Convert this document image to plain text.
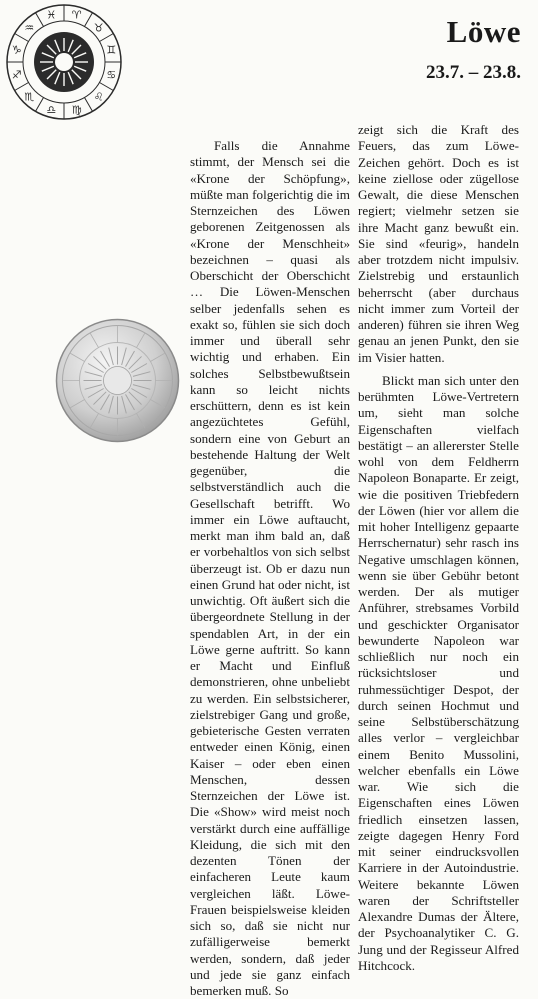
♈
♉
♊
♋
♌
♍
♎
♏
♐
♑
♒
♓	Löwe
23.7. – 23.8.

Falls die Annahme stimmt, der Mensch sei die «Krone der Schöpfung», müßte man folgerichtig die im Sternzeichen des Löwen geborenen Zeitgenossen als «Krone der Menschheit» bezeichnen – quasi als Oberschicht der Oberschicht … Die Löwen-Menschen selber jedenfalls sehen es exakt so, fühlen sie sich doch immer und überall sehr wichtig und erhaben. Ein solches Selbstbewußtsein kann so leicht nichts erschüttern, denn es ist kein angezüchtetes Gefühl, sondern eine von Geburt an bestehende Haltung der Welt gegenüber, die selbstverständlich auch die Gesellschaft betrifft. Wo immer ein Löwe auftaucht, merkt man ihm bald an, daß er vorbehaltlos von sich selbst überzeugt ist. Ob er dazu nun einen Grund hat oder nicht, ist unwichtig. Oft äußert sich die übergeordnete Stellung in der spendablen Art, in der ein Löwe gerne auftritt. So kann er Macht und Einfluß demonstrieren, ohne unbeliebt zu werden. Ein selbstsicherer, zielstrebiger Gang und große, gebieterische Gesten verraten entweder einen König, einen Kaiser – oder eben einen Menschen, dessen Sternzeichen der Löwe ist. Die «Show» wird meist noch verstärkt durch eine auffällige Kleidung, die sich mit den dezenten Tönen der einfacheren Leute kaum vergleichen läßt. Löwe-Frauen beispielsweise kleiden sich so, daß sie nicht nur zufälligerweise bemerkt werden, sondern, daß jeder und jede sie ganz einfach bemerken muß. So

zeigt sich die Kraft des Feuers, das zum Löwe-Zeichen gehört. Doch es ist keine ziellose oder zügellose Gewalt, die diese Menschen regiert; vielmehr setzen sie ihre Macht ganz bewußt ein. Sie sind «feurig», handeln aber trotzdem nicht impulsiv. Zielstrebig und erstaunlich beherrscht (aber durchaus nicht immer zum Vorteil der anderen) führen sie ihren Weg genau an jenen Punkt, den sie im Visier hatten.

Blickt man sich unter den berühmten Löwe-Vertretern um, sieht man solche Eigenschaften vielfach bestätigt – an allererster Stelle wohl von dem Feldherrn Napoleon Bonaparte. Er zeigt, wie die positiven Triebfedern der Löwen (hier vor allem die mit hoher Intelligenz gepaarte Herrschernatur) sehr rasch ins Negative umschlagen können, wenn sie über Gebühr betont werden. Der als mutiger Anführer, strebsames Vorbild und geschickter Organisator bewunderte Napoleon war schließlich nur noch ein rücksichtsloser und ruhmessüchtiger Despot, der durch seinen Hochmut und seine Selbstüberschätzung alles verlor – vergleichbar einem Benito Mussolini, welcher ebenfalls ein Löwe war. Wie sich die Eigenschaften eines Löwen friedlich einsetzen lassen, zeigte dagegen Henry Ford mit seiner eindrucksvollen Karriere in der Autoindustrie. Weitere bekannte Löwen waren der Schriftsteller Alexandre Dumas der Ältere, der Psychoanalytiker C. G. Jung und der Regisseur Alfred Hitchcock.
